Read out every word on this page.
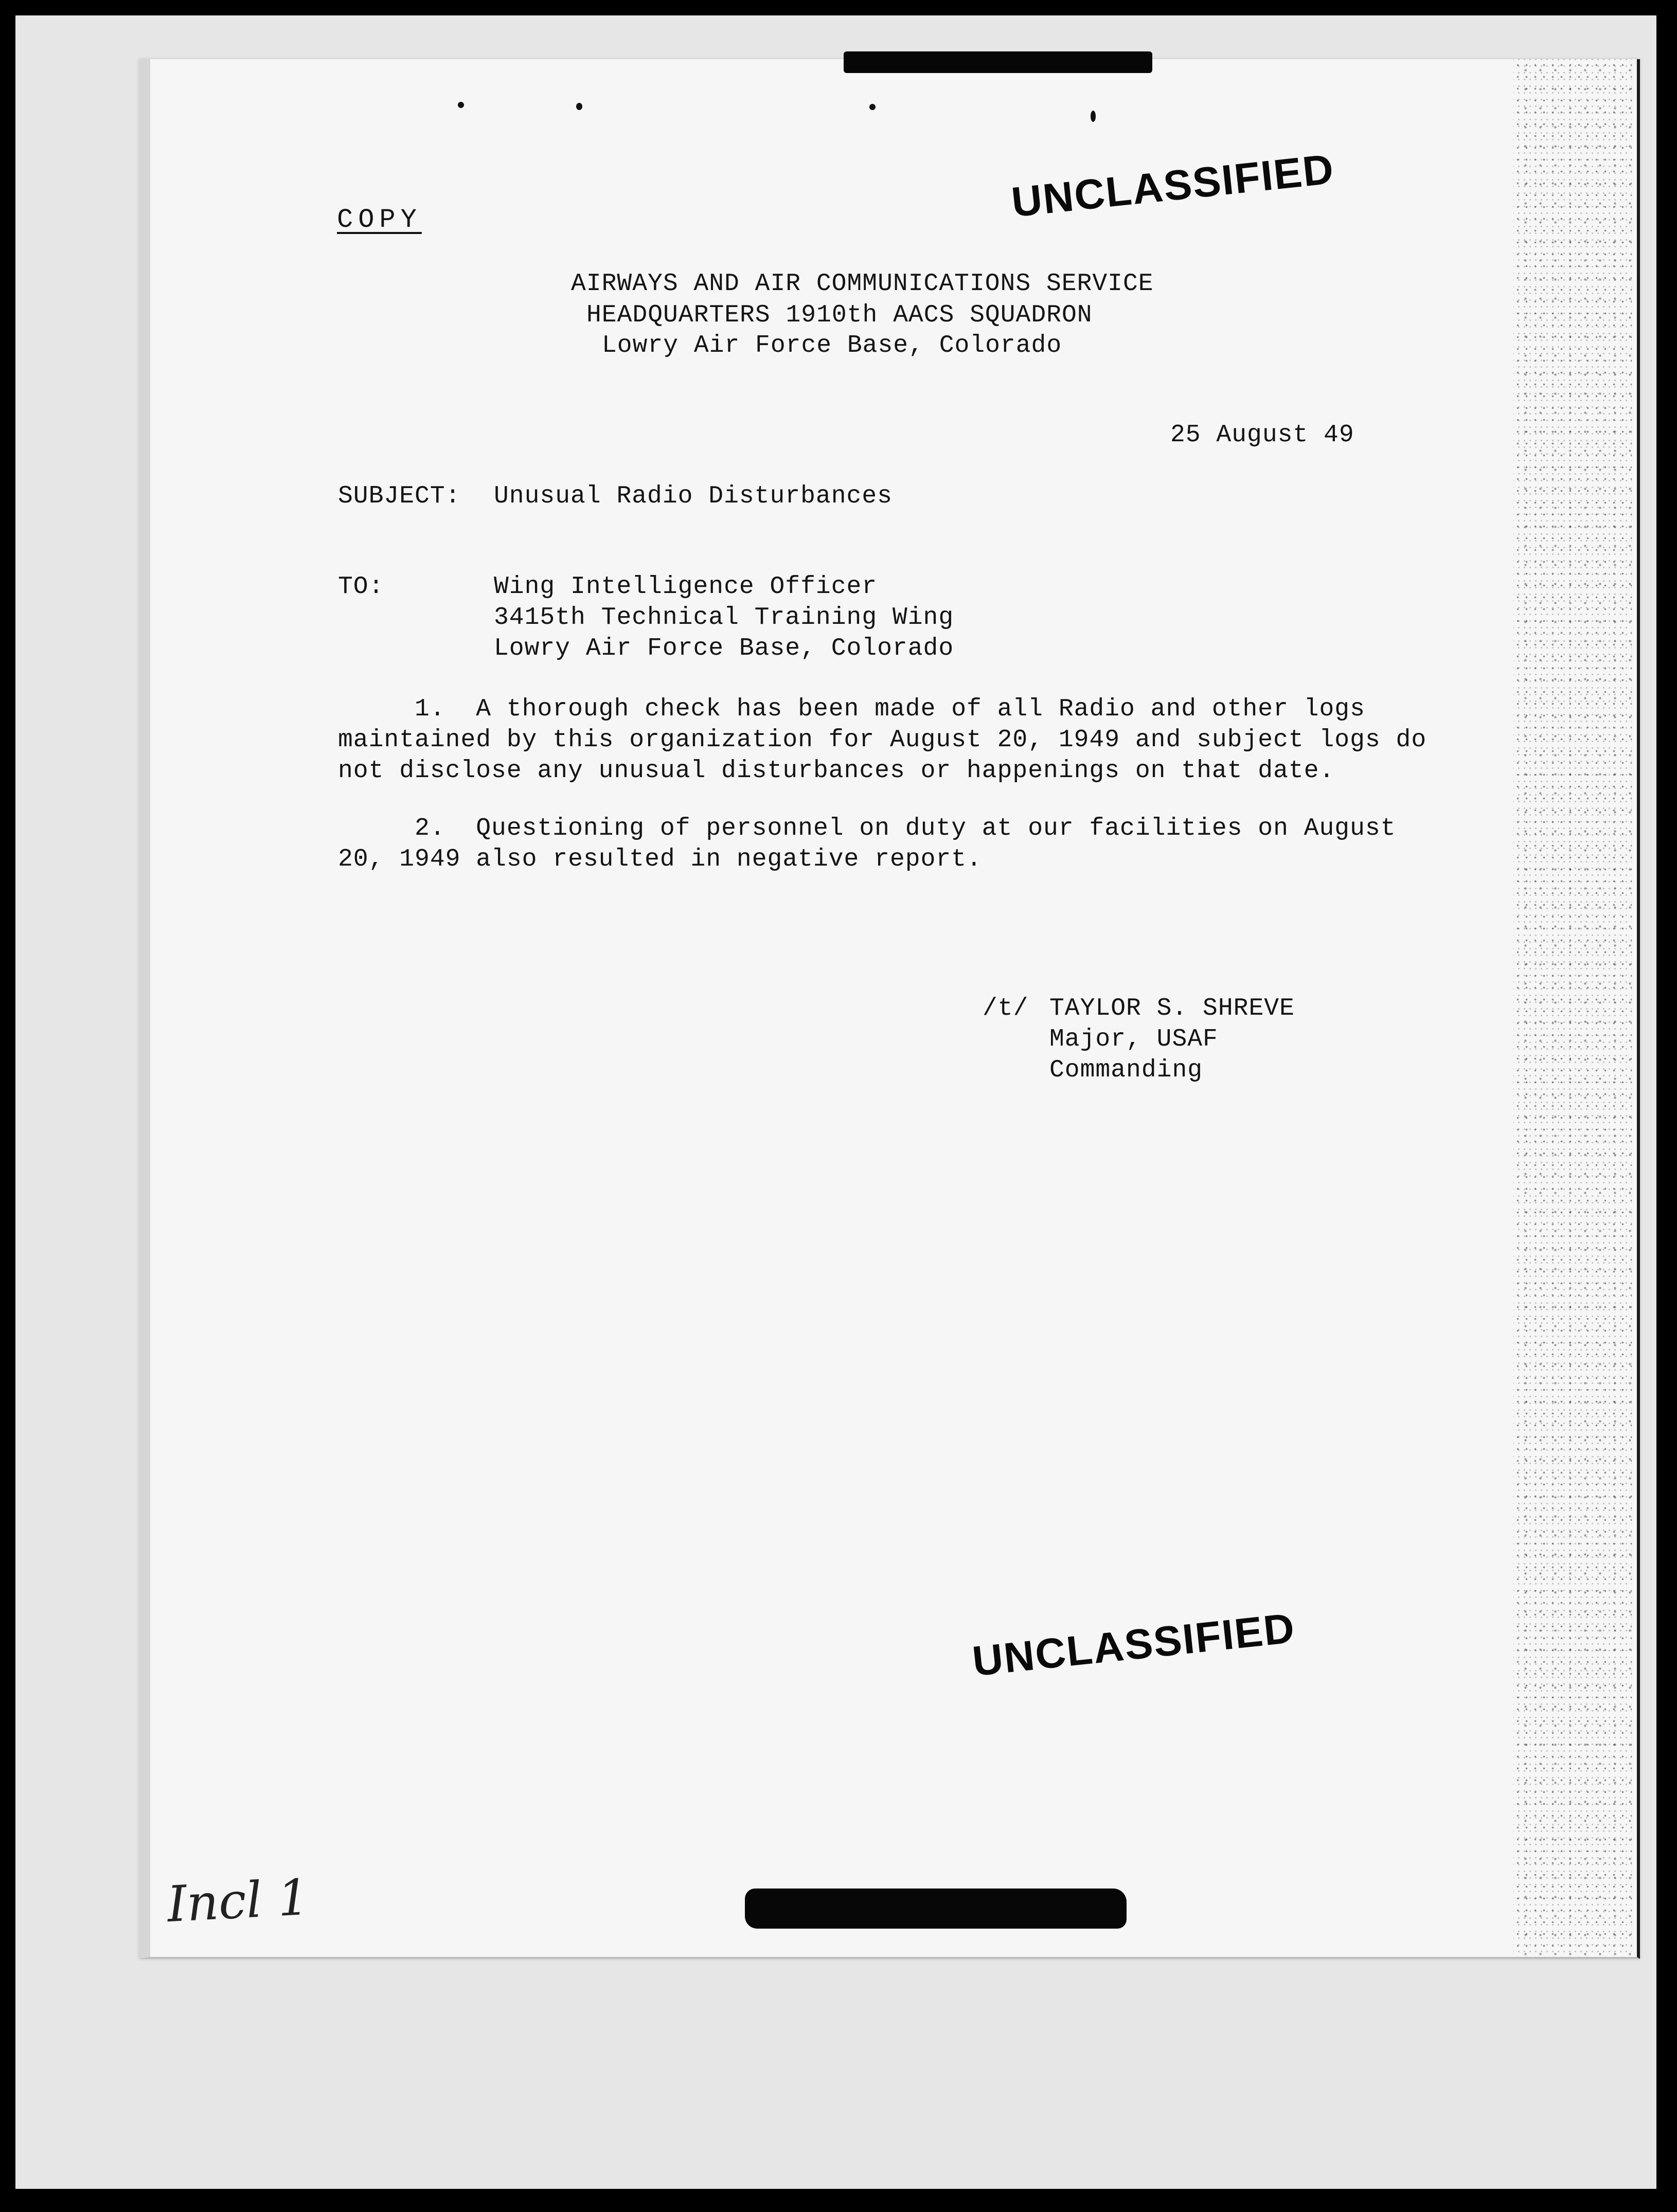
COPY	UNCLASSIFIED
AIRWAYS AND AIR COMMUNICATIONS SERVICE
HEADQUARTERS 1910th AACS SQUADRON
Lowry Air Force Base, Colorado
25 August 49
SUBJECT: Unusual Radio Disturbances
TO:	Wing Intelligence Officer
3415th Technical Training Wing
Lowry Air Force Base, Colorado
1.  A thorough check has been made of all Radio and other logs
maintained by this organization for August 20, 1949 and subject logs do
not disclose any unusual disturbances or happenings on that date.
2.  Questioning of personnel on duty at our facilities on August
20, 1949 also resulted in negative report.
/t/ TAYLOR S. SHREVE
Major, USAF
Commanding
UNCLASSIFIED
Incl 1
